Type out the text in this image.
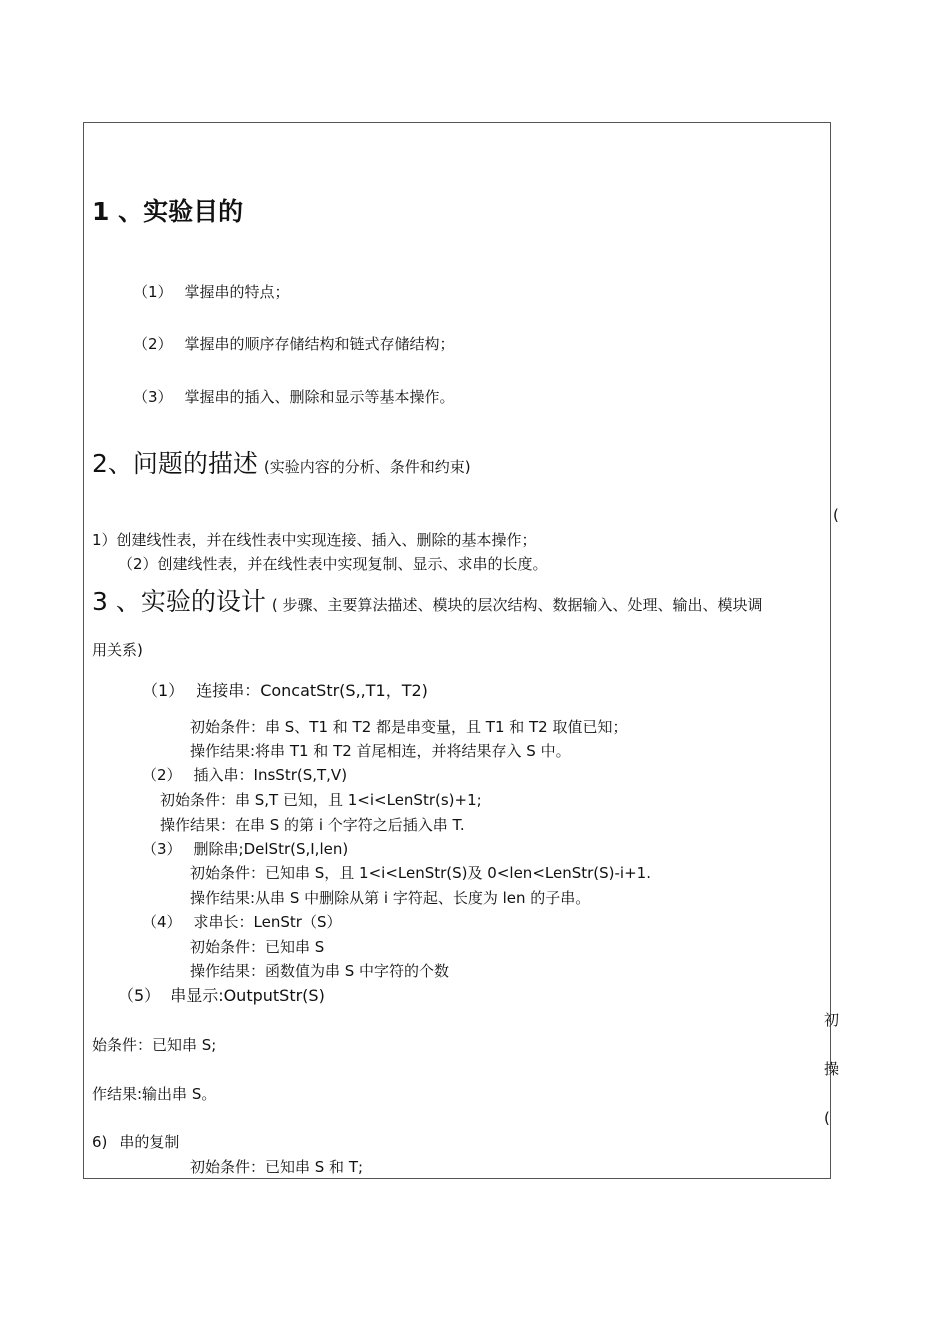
1 、实验目的
（1） 掌握串的特点；
（2） 掌握串的顺序存储结构和链式存储结构；
（3） 掌握串的插入、删除和显示等基本操作。
2、问题的描述 (实验内容的分析、条件和约束)
(
1）创建线性表，并在线性表中实现连接、插入、删除的基本操作；
（2）创建线性表，并在线性表中实现复制、显示、求串的长度。
3 、实验的设计 ( 步骤、主要算法描述、模块的层次结构、数据输入、处理、输出、模块调
用关系)
（1） 连接串：ConcatStr(S,,T1，T2)
初始条件：串 S、T1 和 T2 都是串变量，且 T1 和 T2 取值已知；
操作结果:将串 T1 和 T2 首尾相连，并将结果存入 S 中。
（2） 插入串：InsStr(S,T,V)
初始条件：串 S,T 已知，且 1<i<LenStr(s)+1;
操作结果：在串 S 的第 i 个字符之后插入串 T.
（3） 删除串;DelStr(S,I,len)
初始条件：已知串 S，且 1<i<LenStr(S)及 0<len<LenStr(S)-i+1.
操作结果:从串 S 中删除从第 i 字符起、长度为 len 的子串。
（4） 求串长：LenStr（S）
初始条件：已知串 S
操作结果：函数值为串 S 中字符的个数
（5） 串显示:OutputStr(S)
初
始条件：已知串 S;
操
作结果:输出串 S。
(
6) 串的复制
初始条件：已知串 S 和 T;
